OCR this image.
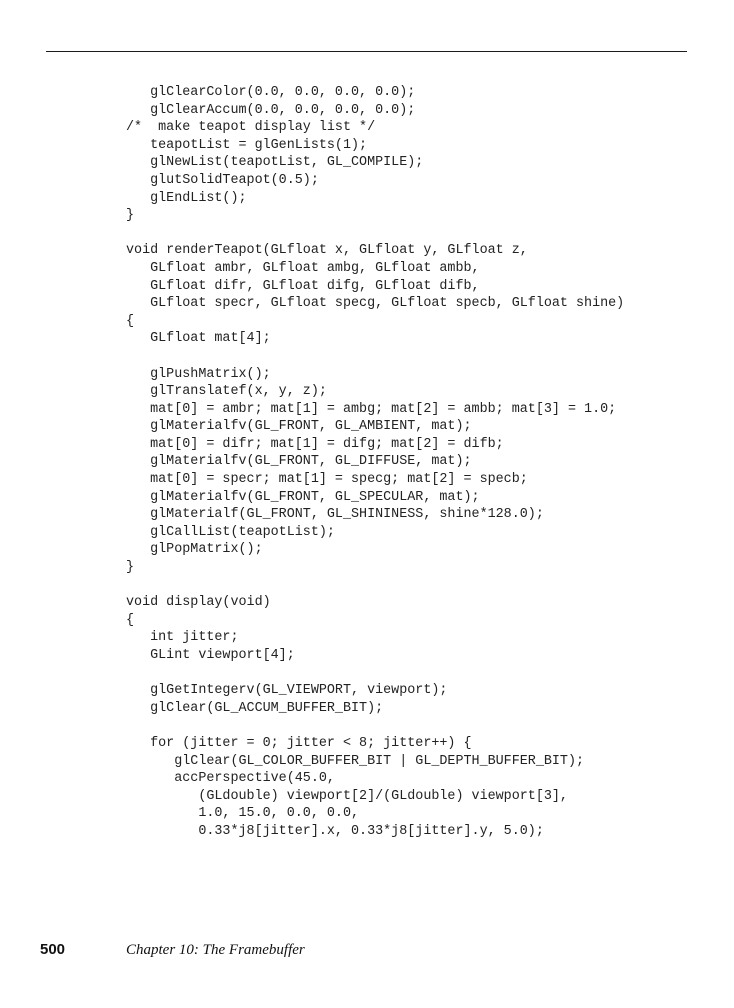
glClearColor(0.0, 0.0, 0.0, 0.0);
glClearAccum(0.0, 0.0, 0.0, 0.0);
/*  make teapot display list */
teapotList = glGenLists(1);
glNewList(teapotList, GL_COMPILE);
glutSolidTeapot(0.5);
glEndList();
}
void renderTeapot(GLfloat x, GLfloat y, GLfloat z,
GLfloat ambr, GLfloat ambg, GLfloat ambb,
GLfloat difr, GLfloat difg, GLfloat difb,
GLfloat specr, GLfloat specg, GLfloat specb, GLfloat shine)
{
GLfloat mat[4];
glPushMatrix();
glTranslatef(x, y, z);
mat[0] = ambr; mat[1] = ambg; mat[2] = ambb; mat[3] = 1.0;
glMaterialfv(GL_FRONT, GL_AMBIENT, mat);
mat[0] = difr; mat[1] = difg; mat[2] = difb;
glMaterialfv(GL_FRONT, GL_DIFFUSE, mat);
mat[0] = specr; mat[1] = specg; mat[2] = specb;
glMaterialfv(GL_FRONT, GL_SPECULAR, mat);
glMaterialf(GL_FRONT, GL_SHININESS, shine*128.0);
glCallList(teapotList);
glPopMatrix();
}
void display(void)
{
int jitter;
GLint viewport[4];
glGetIntegerv(GL_VIEWPORT, viewport);
glClear(GL_ACCUM_BUFFER_BIT);
for (jitter = 0; jitter < 8; jitter++) {
glClear(GL_COLOR_BUFFER_BIT | GL_DEPTH_BUFFER_BIT);
accPerspective(45.0,
(GLdouble) viewport[2]/(GLdouble) viewport[3],
1.0, 15.0, 0.0, 0.0,
0.33*j8[jitter].x, 0.33*j8[jitter].y, 5.0);
500	Chapter 10: The Framebuffer
